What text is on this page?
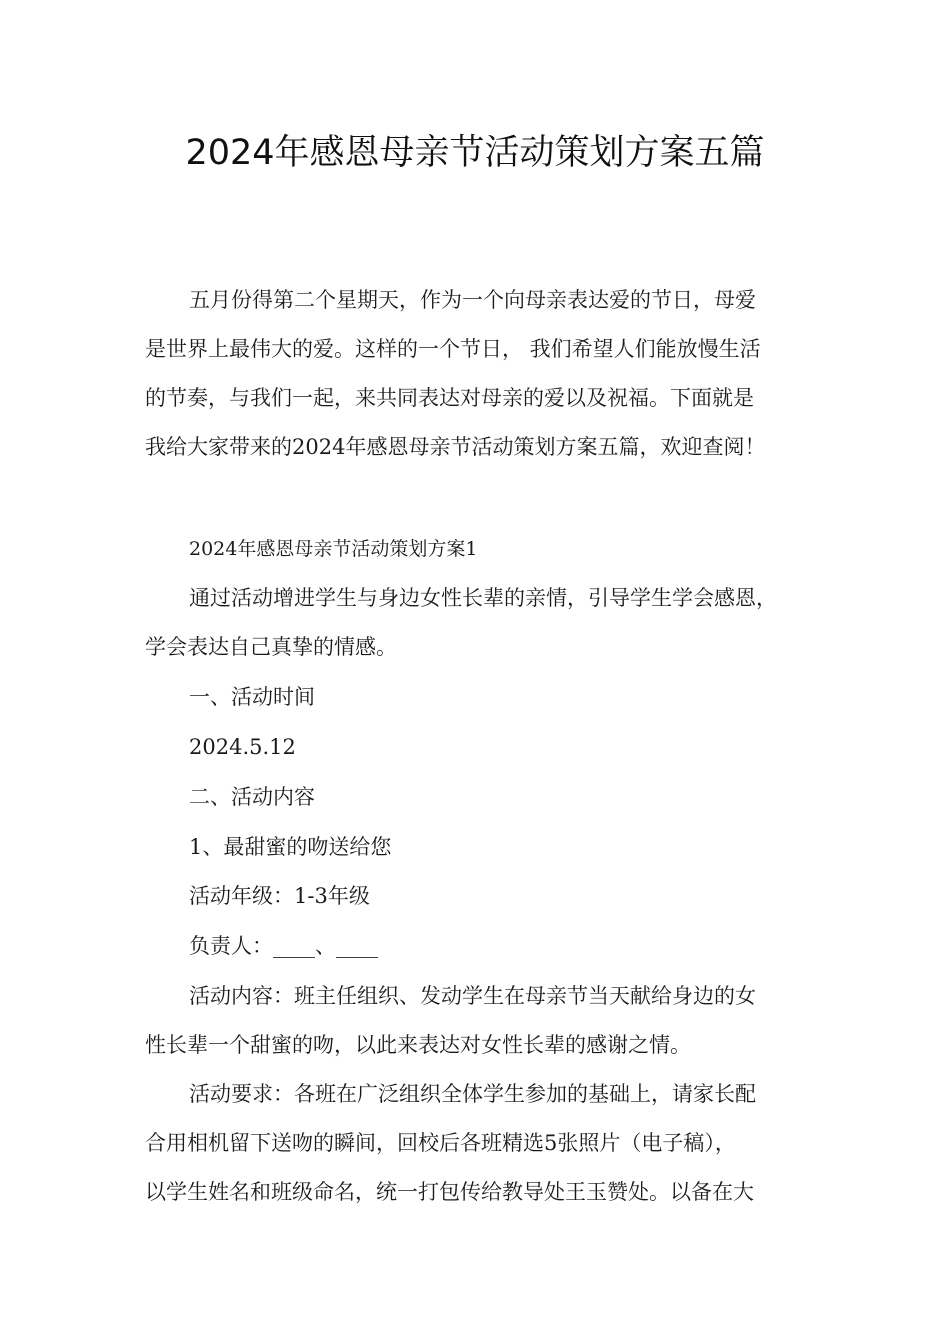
2024年感恩母亲节活动策划方案五篇
五月份得第二个星期天，作为一个向母亲表达爱的节日，母爱
是世界上最伟大的爱。这样的一个节日， 我们希望人们能放慢生活
的节奏，与我们一起，来共同表达对母亲的爱以及祝福。下面就是
我给大家带来的2024年感恩母亲节活动策划方案五篇，欢迎查阅！
2024年感恩母亲节活动策划方案1
通过活动增进学生与身边女性长辈的亲情，引导学生学会感恩，
学会表达自己真挚的情感。
一、活动时间
2024.5.12
二、活动内容
1、最甜蜜的吻送给您
活动年级：1-3年级
负责人：____、____
活动内容：班主任组织、发动学生在母亲节当天献给身边的女
性长辈一个甜蜜的吻，以此来表达对女性长辈的感谢之情。
活动要求：各班在广泛组织全体学生参加的基础上，请家长配
合用相机留下送吻的瞬间，回校后各班精选5张照片（电子稿），
以学生姓名和班级命名，统一打包传给教导处王玉赞处。以备在大
